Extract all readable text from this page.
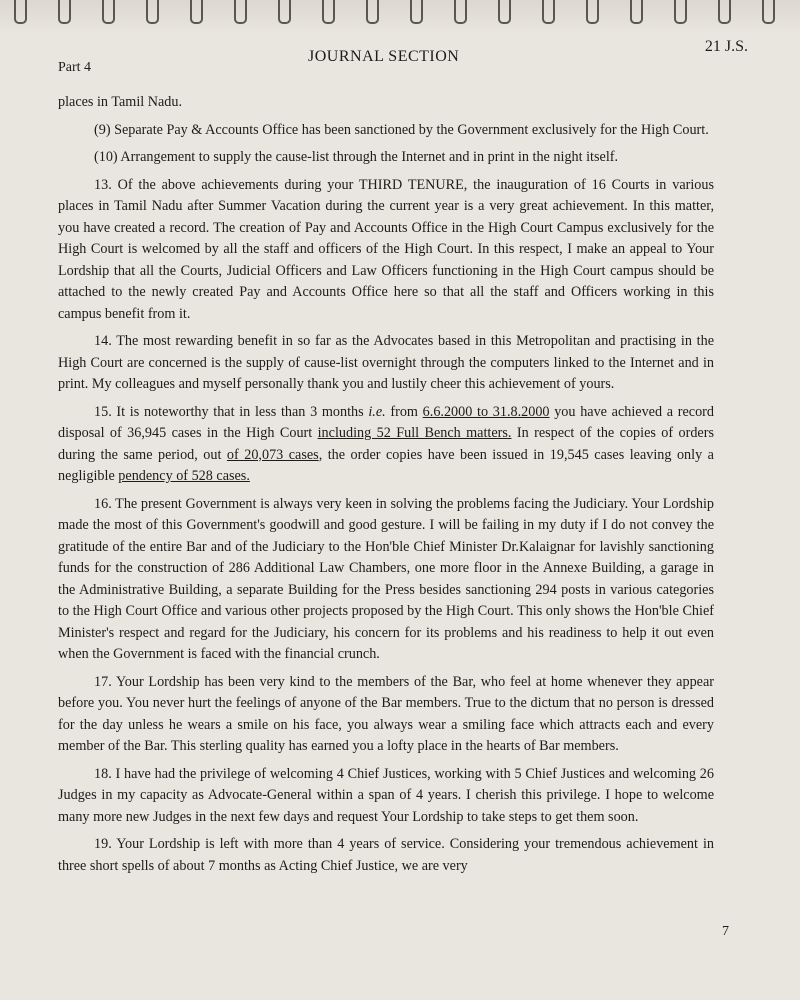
Part 4
JOURNAL SECTION
21 J.S.

places in Tamil Nadu.

(9) Separate Pay & Accounts Office has been sanctioned by the Government exclusively for the High Court.

(10) Arrangement to supply the cause-list through the Internet and in print in the night itself.

13. Of the above achievements during your THIRD TENURE, the inauguration of 16 Courts in various places in Tamil Nadu after Summer Vacation during the current year is a very great achievement. In this matter, you have created a record. The creation of Pay and Accounts Office in the High Court Campus exclusively for the High Court is welcomed by all the staff and officers of the High Court. In this respect, I make an appeal to Your Lordship that all the Courts, Judicial Officers and Law Officers functioning in the High Court campus should be attached to the newly created Pay and Accounts Office here so that all the staff and Officers working in this campus benefit from it.

14. The most rewarding benefit in so far as the Advocates based in this Metropolitan and practising in the High Court are concerned is the supply of cause-list overnight through the computers linked to the Internet and in print. My colleagues and myself personally thank you and lustily cheer this achievement of yours.

15. It is noteworthy that in less than 3 months i.e. from 6.6.2000 to 31.8.2000 you have achieved a record disposal of 36,945 cases in the High Court including 52 Full Bench matters. In respect of the copies of orders during the same period, out of 20,073 cases, the order copies have been issued in 19,545 cases leaving only a negligible pendency of 528 cases.

16. The present Government is always very keen in solving the problems facing the Judiciary. Your Lordship made the most of this Government's goodwill and good gesture. I will be failing in my duty if I do not convey the gratitude of the entire Bar and of the Judiciary to the Hon'ble Chief Minister Dr.Kalaignar for lavishly sanctioning funds for the construction of 286 Additional Law Chambers, one more floor in the Annexe Building, a garage in the Administrative Building, a separate Building for the Press besides sanctioning 294 posts in various categories to the High Court Office and various other projects proposed by the High Court. This only shows the Hon'ble Chief Minister's respect and regard for the Judiciary, his concern for its problems and his readiness to help it out even when the Government is faced with the financial crunch.

17. Your Lordship has been very kind to the members of the Bar, who feel at home whenever they appear before you. You never hurt the feelings of anyone of the Bar members. True to the dictum that no person is dressed for the day unless he wears a smile on his face, you always wear a smiling face which attracts each and every member of the Bar. This sterling quality has earned you a lofty place in the hearts of Bar members.

18. I have had the privilege of welcoming 4 Chief Justices, working with 5 Chief Justices and welcoming 26 Judges in my capacity as Advocate-General within a span of 4 years. I cherish this privilege. I hope to welcome many more new Judges in the next few days and request Your Lordship to take steps to get them soon.

19. Your Lordship is left with more than 4 years of service. Considering your tremendous achievement in three short spells of about 7 months as Acting Chief Justice, we are very

7
